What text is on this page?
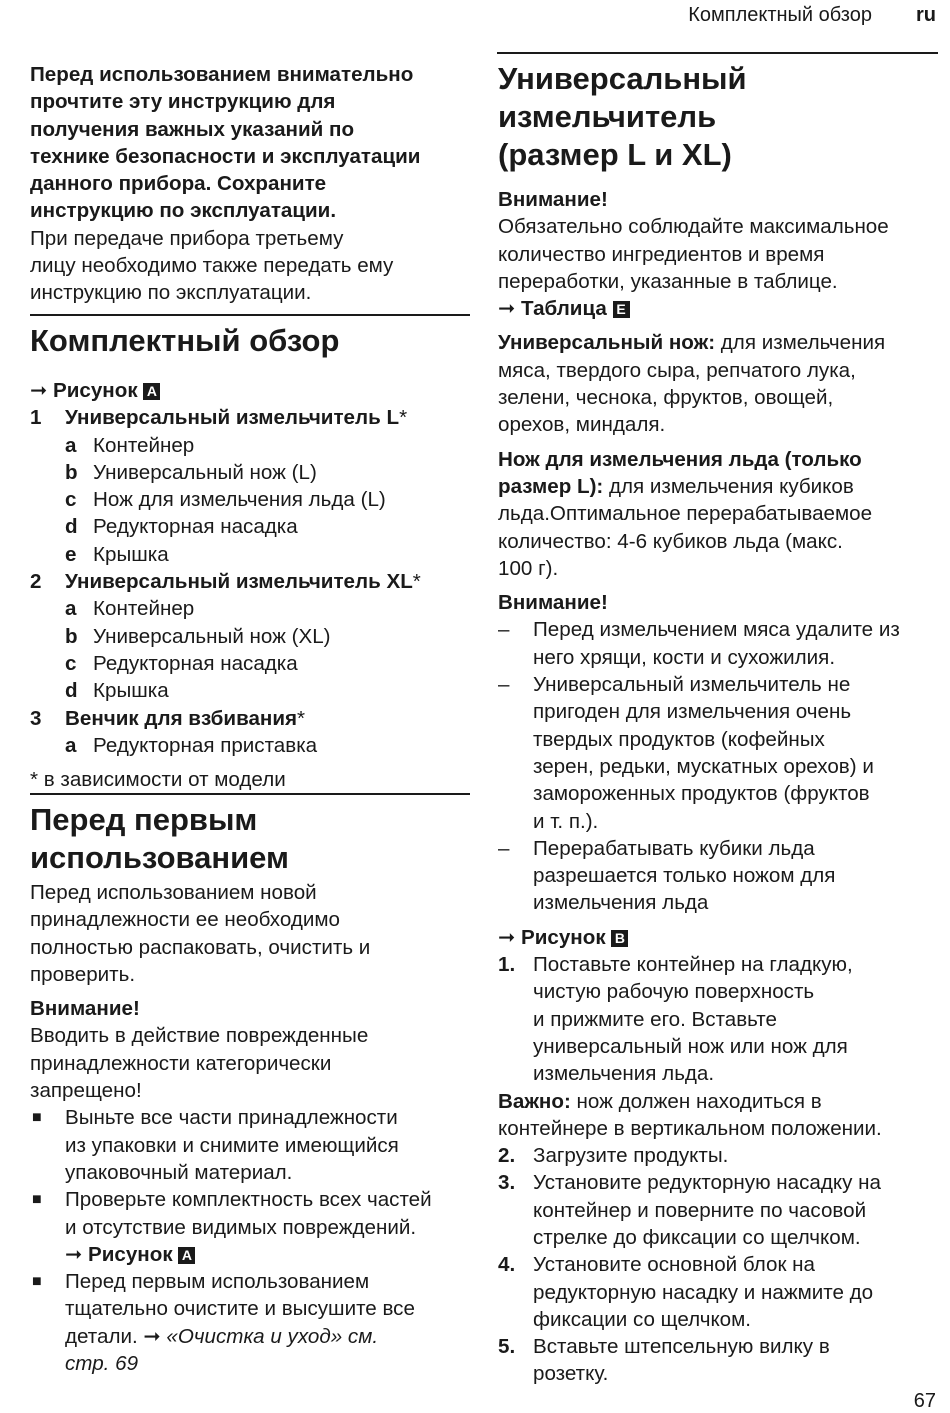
Комплектный обзор ru

Перед использованием внимательно

прочтите эту инструкцию для

получения важных указаний по

технике безопасности и эксплуатации

данного прибора. Сохраните

инструкцию по эксплуатации.

При передаче прибора третьему

лицу необходимо также передать ему

инструкцию по эксплуатации.

Комплектный обзор

➞ Рисунок A

1 Универсальный измельчитель L*
a Контейнер
b Универсальный нож (L)
c Нож для измельчения льда (L)
d Редукторная насадка
e Крышка
2 Универсальный измельчитель XL*
a Контейнер
b Универсальный нож (XL)
c Редукторная насадка
d Крышка
3 Венчик для взбивания*
a Редукторная приставка

* в зависимости от модели

Перед первым
использованием

Перед использованием новой

принадлежности ее необходимо

полностью распаковать, очистить и

проверить.

Внимание!

Вводить в действие поврежденные

принадлежности категорически

запрещено!

■ Выньте все части принадлежности
из упаковки и снимите имеющийся
упаковочный материал.
■ Проверьте комплектность всех частей
и отсутствие видимых повреждений.
➞ Рисунок A
■ Перед первым использованием
тщательно очистите и высушите все
детали. ➞ «Очистка и уход» см.
стр. 69
Универсальный
измельчитель
(размер L и XL)

Внимание!

Обязательно соблюдайте максимальное

количество ингредиентов и время

переработки, указанные в таблице.

➞ Таблица E

Универсальный нож: для измельчения

мяса, твердого сыра, репчатого лука,

зелени, чеснока, фруктов, овощей,

орехов, миндаля.

Нож для измельчения льда (только

размер L): для измельчения кубиков

льда.Оптимальное перерабатываемое

количество: 4-6 кубиков льда (макс.

100 г).

Внимание!

– Перед измельчением мяса удалите из
него хрящи, кости и сухожилия.
– Универсальный измельчитель не
пригоден для измельчения очень
твердых продуктов (кофейных
зерен, редьки, мускатных орехов) и
замороженных продуктов (фруктов
и т. п.).
– Перерабатывать кубики льда
разрешается только ножом для
измельчения льда

➞ Рисунок B

1. Поставьте контейнер на гладкую,
чистую рабочую поверхность
и прижмите его. Вставьте
универсальный нож или нож для
измельчения льда.

Важно: нож должен находиться в

контейнере в вертикальном положении.

2. Загрузите продукты.
3. Установите редукторную насадку на
контейнер и поверните по часовой
стрелке до фиксации со щелчком.
4. Установите основной блок на
редукторную насадку и нажмите до
фиксации со щелчком.
5. Вставьте штепсельную вилку в
розетку.
67
